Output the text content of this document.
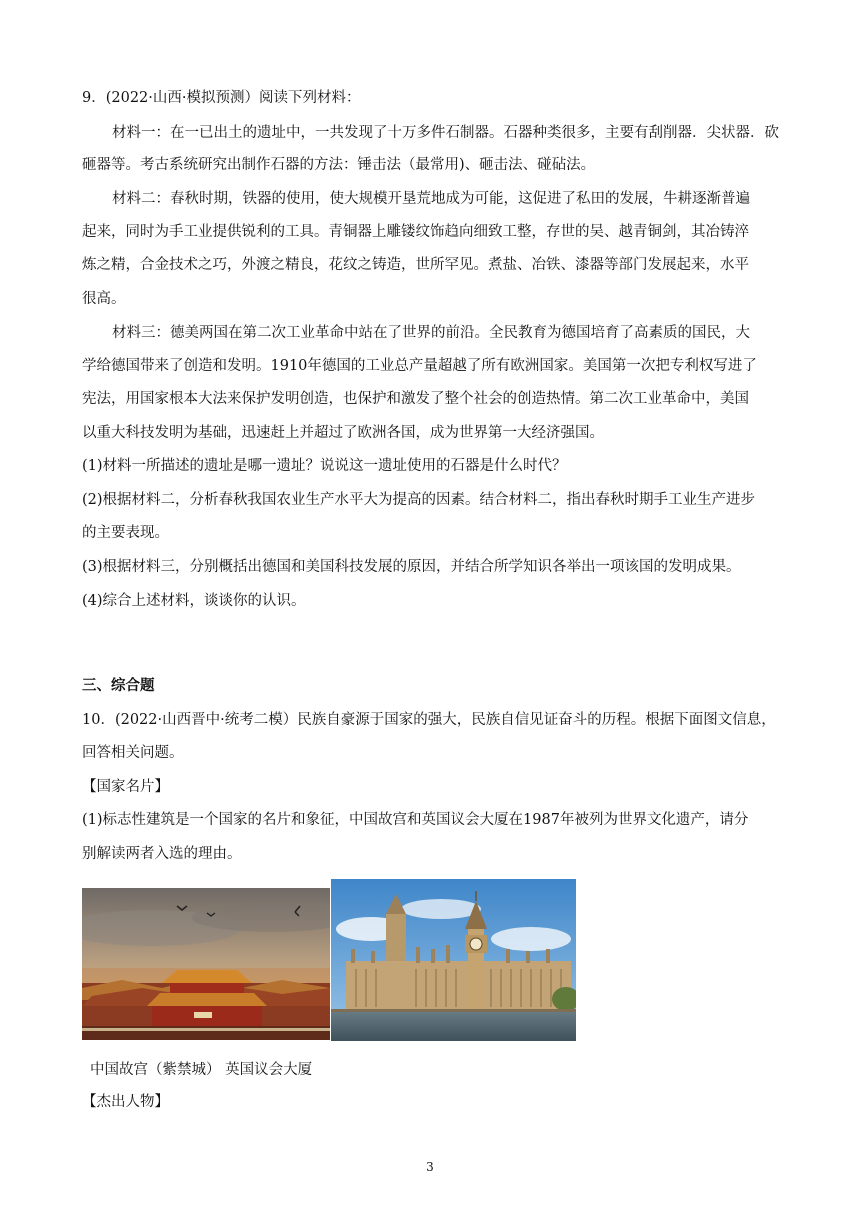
9．(2022·山西·模拟预测）阅读下列材料：
材料一：在一已出土的遗址中，一共发现了十万多件石制器。石器种类很多，主要有刮削器．尖状器．砍
砸器等。考古系统研究出制作石器的方法：锤击法（最常用)、砸击法、碰砧法。
材料二：春秋时期，铁器的使用，使大规模开垦荒地成为可能，这促进了私田的发展，牛耕逐渐普遍
起来，同时为手工业提供锐利的工具。青铜器上雕镂纹饰趋向细致工整，存世的吴、越青铜剑，其冶铸淬
炼之精，合金技术之巧，外渡之精良，花纹之铸造，世所罕见。煮盐、冶铁、漆器等部门发展起来，水平
很高。
材料三：德美两国在第二次工业革命中站在了世界的前沿。全民教育为德国培育了高素质的国民，大
学给德国带来了创造和发明。1910年德国的工业总产量超越了所有欧洲国家。美国第一次把专利权写进了
宪法，用国家根本大法来保护发明创造，也保护和激发了整个社会的创造热情。第二次工业革命中，美国
以重大科技发明为基础，迅速赶上并超过了欧洲各国，成为世界第一大经济强国。
(1)材料一所描述的遗址是哪一遗址？说说这一遗址使用的石器是什么时代？
(2)根据材料二，分析春秋我国农业生产水平大为提高的因素。结合材料二，指出春秋时期手工业生产进步
的主要表现。
(3)根据材料三，分别概括出德国和美国科技发展的原因，并结合所学知识各举出一项该国的发明成果。
(4)综合上述材料，谈谈你的认识。
三、综合题
10．(2022·山西晋中·统考二模）民族自豪源于国家的强大，民族自信见证奋斗的历程。根据下面图文信息，
回答相关问题。
【国家名片】
(1)标志性建筑是一个国家的名片和象征，中国故宫和英国议会大厦在1987年被列为世界文化遗产，请分
别解读两者入选的理由。
中国故宫（紫禁城） 英国议会大厦
【杰出人物】
3
